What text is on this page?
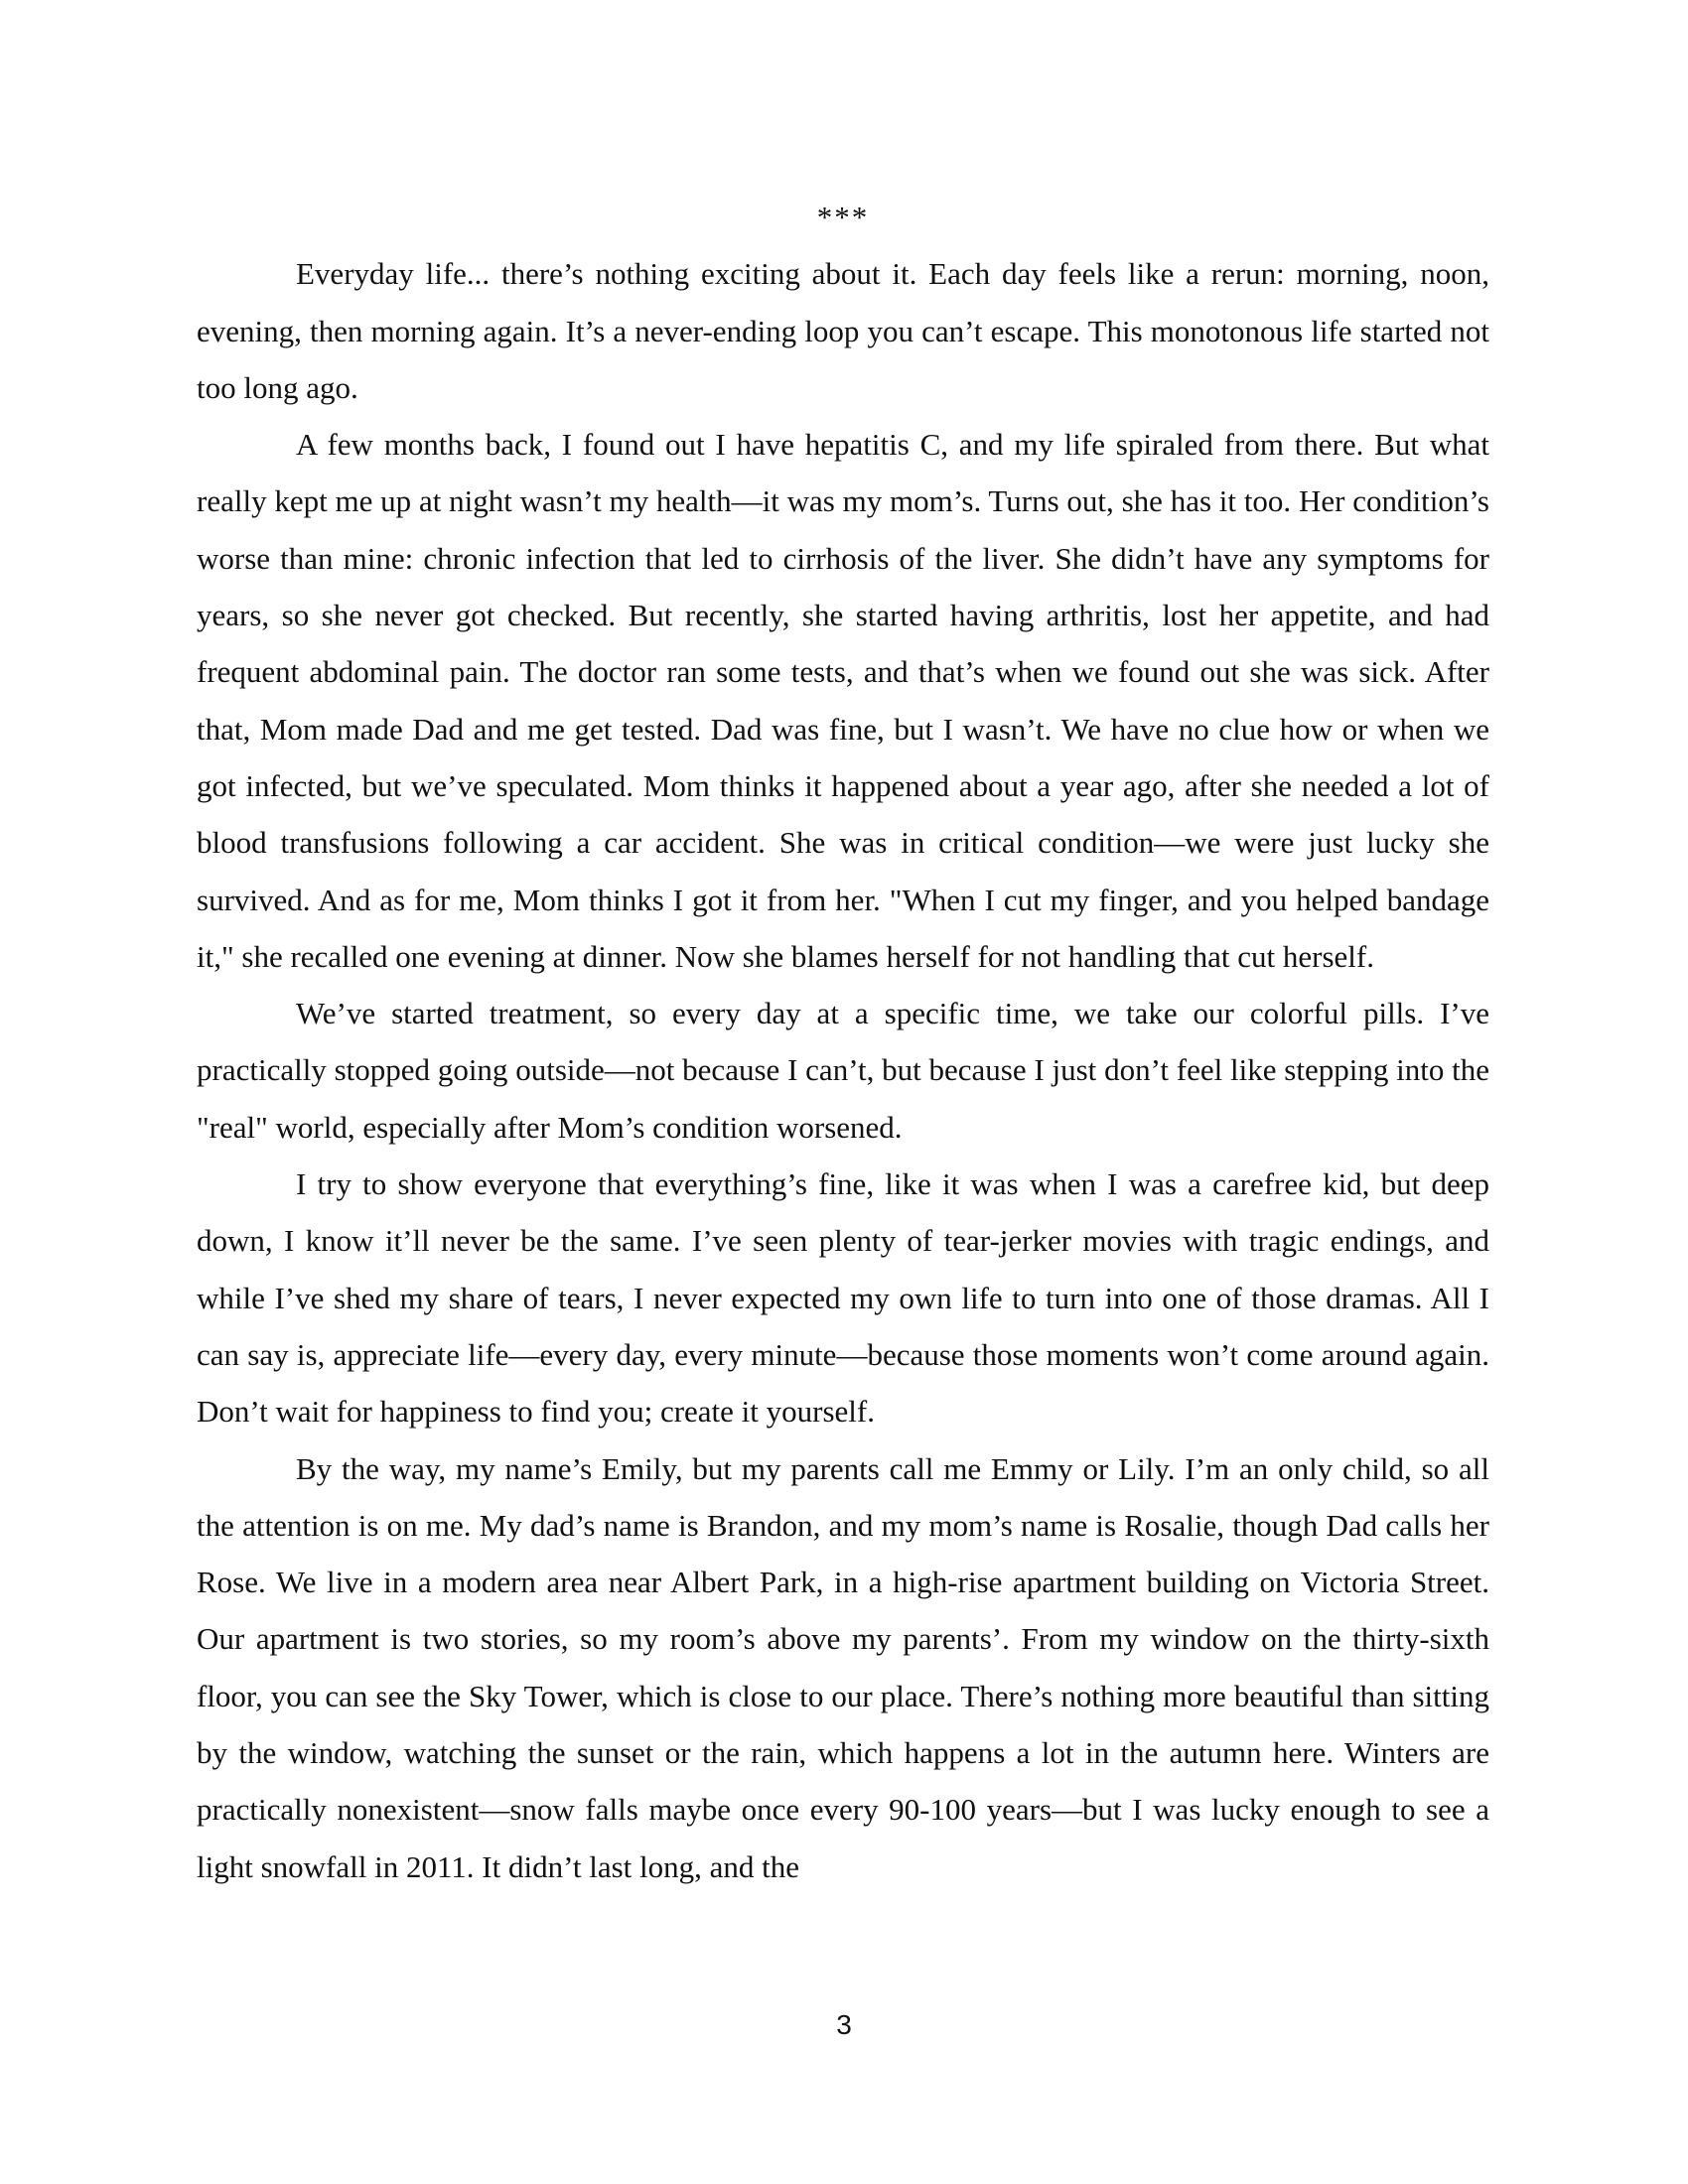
***

Everyday life... there’s nothing exciting about it. Each day feels like a rerun: morning, noon, evening, then morning again. It’s a never-ending loop you can’t escape. This monotonous life started not too long ago.

A few months back, I found out I have hepatitis C, and my life spiraled from there. But what really kept me up at night wasn’t my health—it was my mom’s. Turns out, she has it too. Her condition’s worse than mine: chronic infection that led to cirrhosis of the liver. She didn’t have any symptoms for years, so she never got checked. But recently, she started having arthritis, lost her appetite, and had frequent abdominal pain. The doctor ran some tests, and that’s when we found out she was sick. After that, Mom made Dad and me get tested. Dad was fine, but I wasn’t. We have no clue how or when we got infected, but we’ve speculated. Mom thinks it happened about a year ago, after she needed a lot of blood transfusions following a car accident. She was in critical condition—we were just lucky she survived. And as for me, Mom thinks I got it from her. "When I cut my finger, and you helped bandage it," she recalled one evening at dinner. Now she blames herself for not handling that cut herself.

We’ve started treatment, so every day at a specific time, we take our colorful pills. I’ve practically stopped going outside—not because I can’t, but because I just don’t feel like stepping into the "real" world, especially after Mom’s condition worsened.

I try to show everyone that everything’s fine, like it was when I was a carefree kid, but deep down, I know it’ll never be the same. I’ve seen plenty of tear-jerker movies with tragic endings, and while I’ve shed my share of tears, I never expected my own life to turn into one of those dramas. All I can say is, appreciate life—every day, every minute—because those moments won’t come around again. Don’t wait for happiness to find you; create it yourself.

By the way, my name’s Emily, but my parents call me Emmy or Lily. I’m an only child, so all the attention is on me. My dad’s name is Brandon, and my mom’s name is Rosalie, though Dad calls her Rose. We live in a modern area near Albert Park, in a high-rise apartment building on Victoria Street. Our apartment is two stories, so my room’s above my parents’. From my window on the thirty-sixth floor, you can see the Sky Tower, which is close to our place. There’s nothing more beautiful than sitting by the window, watching the sunset or the rain, which happens a lot in the autumn here. Winters are practically nonexistent—snow falls maybe once every 90-100 years—but I was lucky enough to see a light snowfall in 2011. It didn’t last long, and the

3
